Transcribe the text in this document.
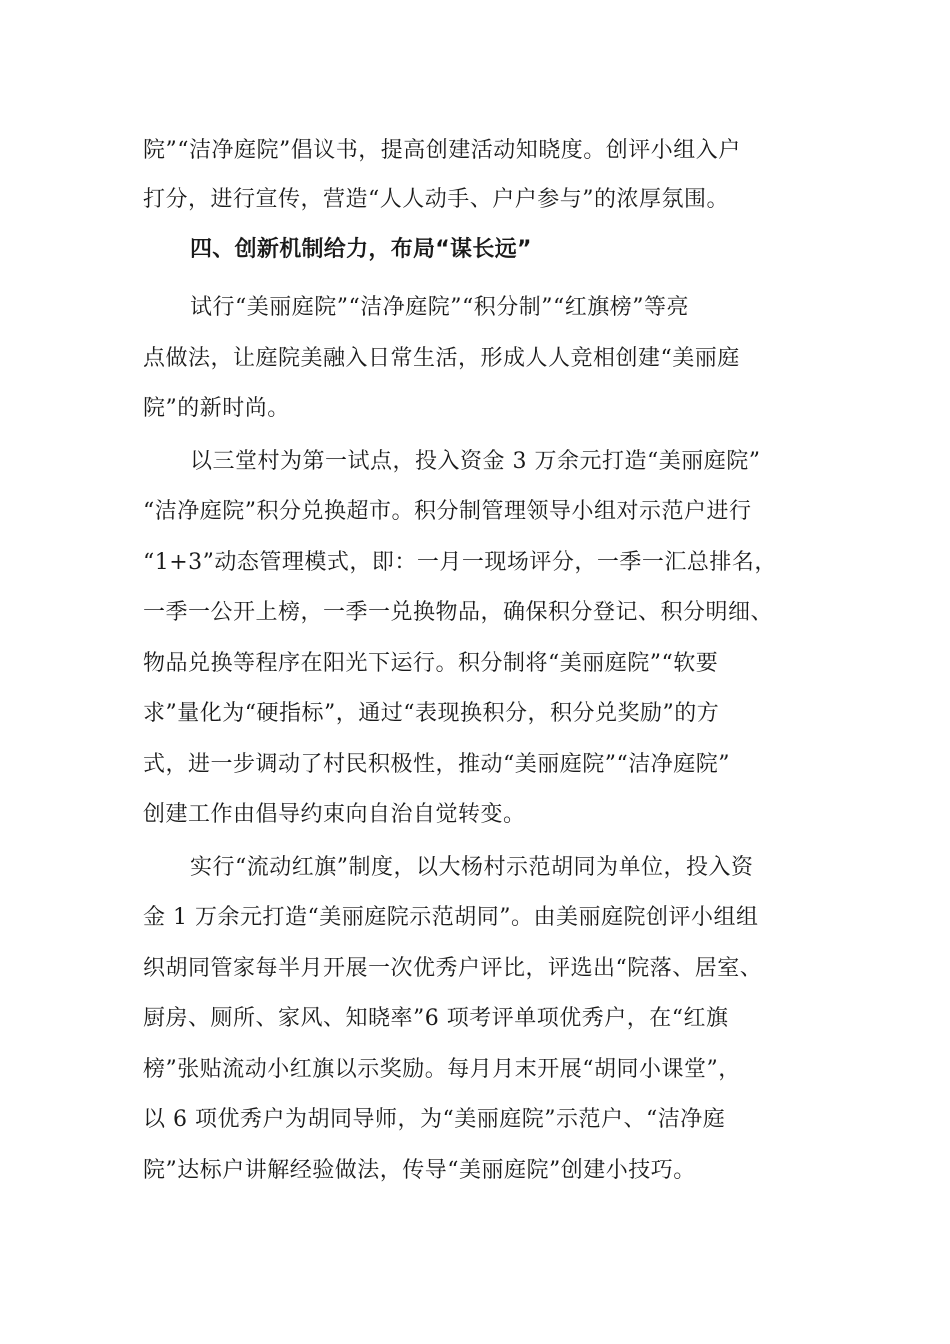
院”“洁净庭院”倡议书，提高创建活动知晓度。创评小组入户
打分，进行宣传，营造“人人动手、户户参与”的浓厚氛围。
四、创新机制给力，布局“谋长远”
试行“美丽庭院”“洁净庭院”“积分制”“红旗榜”等亮
点做法，让庭院美融入日常生活，形成人人竞相创建“美丽庭
院”的新时尚。
以三堂村为第一试点，投入资金 3 万余元打造“美丽庭院”
“洁净庭院”积分兑换超市。积分制管理领导小组对示范户进行
“1+3”动态管理模式，即：一月一现场评分，一季一汇总排名，
一季一公开上榜，一季一兑换物品，确保积分登记、积分明细、
物品兑换等程序在阳光下运行。积分制将“美丽庭院”“软要
求”量化为“硬指标”，通过“表现换积分，积分兑奖励”的方
式，进一步调动了村民积极性，推动“美丽庭院”“洁净庭院”
创建工作由倡导约束向自治自觉转变。
实行“流动红旗”制度，以大杨村示范胡同为单位，投入资
金 1 万余元打造“美丽庭院示范胡同”。由美丽庭院创评小组组
织胡同管家每半月开展一次优秀户评比，评选出“院落、居室、
厨房、厕所、家风、知晓率”6 项考评单项优秀户，在“红旗
榜”张贴流动小红旗以示奖励。每月月末开展“胡同小课堂”，
以 6 项优秀户为胡同导师，为“美丽庭院”示范户、“洁净庭
院”达标户讲解经验做法，传导“美丽庭院”创建小技巧。
